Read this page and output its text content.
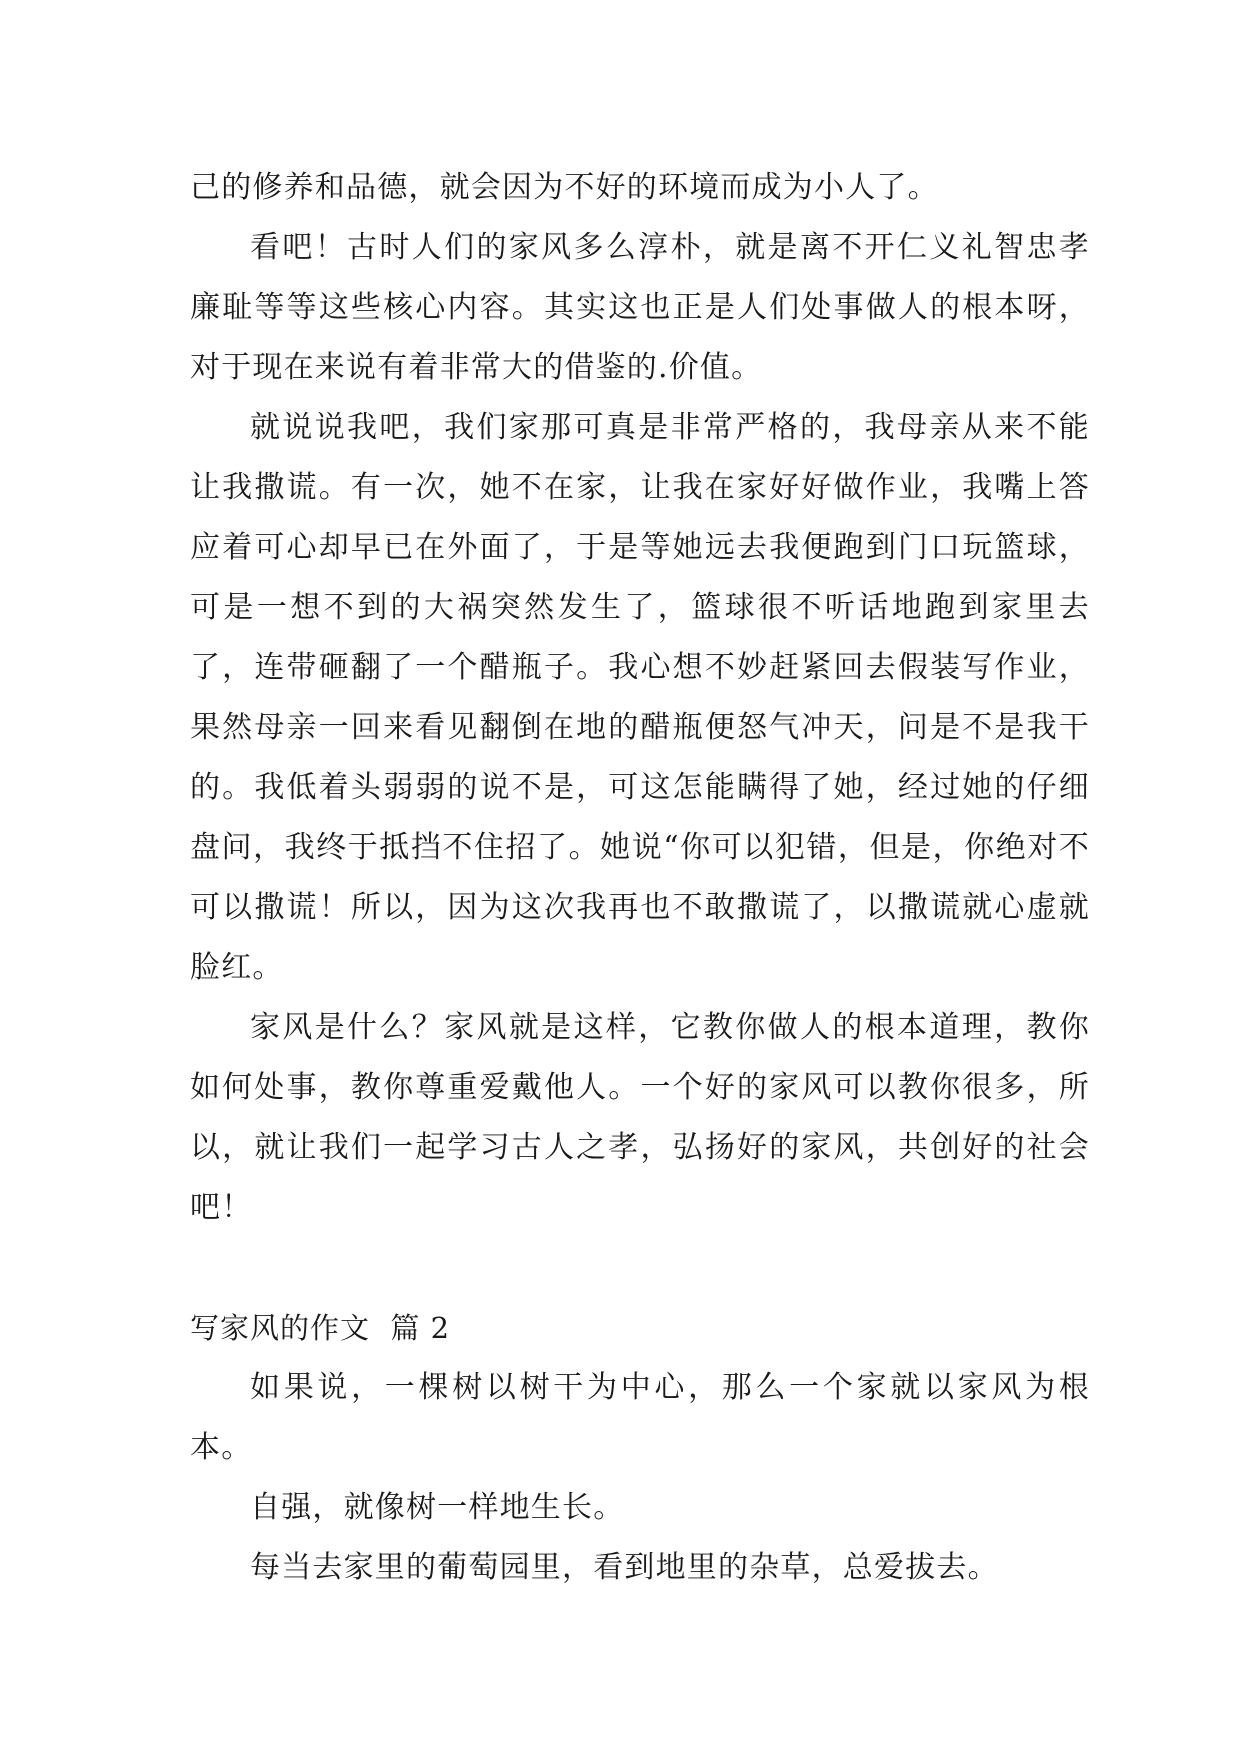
己的修养和品德，就会因为不好的环境而成为小人了。

看吧！古时人们的家风多么淳朴，就是离不开仁义礼智忠孝廉耻等等这些核心内容。其实这也正是人们处事做人的根本呀，对于现在来说有着非常大的借鉴的.价值。

就说说我吧，我们家那可真是非常严格的，我母亲从来不能让我撒谎。有一次，她不在家，让我在家好好做作业，我嘴上答应着可心却早已在外面了，于是等她远去我便跑到门口玩篮球，可是一想不到的大祸突然发生了，篮球很不听话地跑到家里去了，连带砸翻了一个醋瓶子。我心想不妙赶紧回去假装写作业，果然母亲一回来看见翻倒在地的醋瓶便怒气冲天，问是不是我干的。我低着头弱弱的说不是，可这怎能瞒得了她，经过她的仔细盘问，我终于抵挡不住招了。她说“你可以犯错，但是，你绝对不可以撒谎！所以，因为这次我再也不敢撒谎了，以撒谎就心虚就脸红。

家风是什么？家风就是这样，它教你做人的根本道理，教你如何处事，教你尊重爱戴他人。一个好的家风可以教你很多，所以，就让我们一起学习古人之孝，弘扬好的家风，共创好的社会吧！

写家风的作文  篇 2

如果说，一棵树以树干为中心，那么一个家就以家风为根本。

自强，就像树一样地生长。

每当去家里的葡萄园里，看到地里的杂草，总爱拔去。
